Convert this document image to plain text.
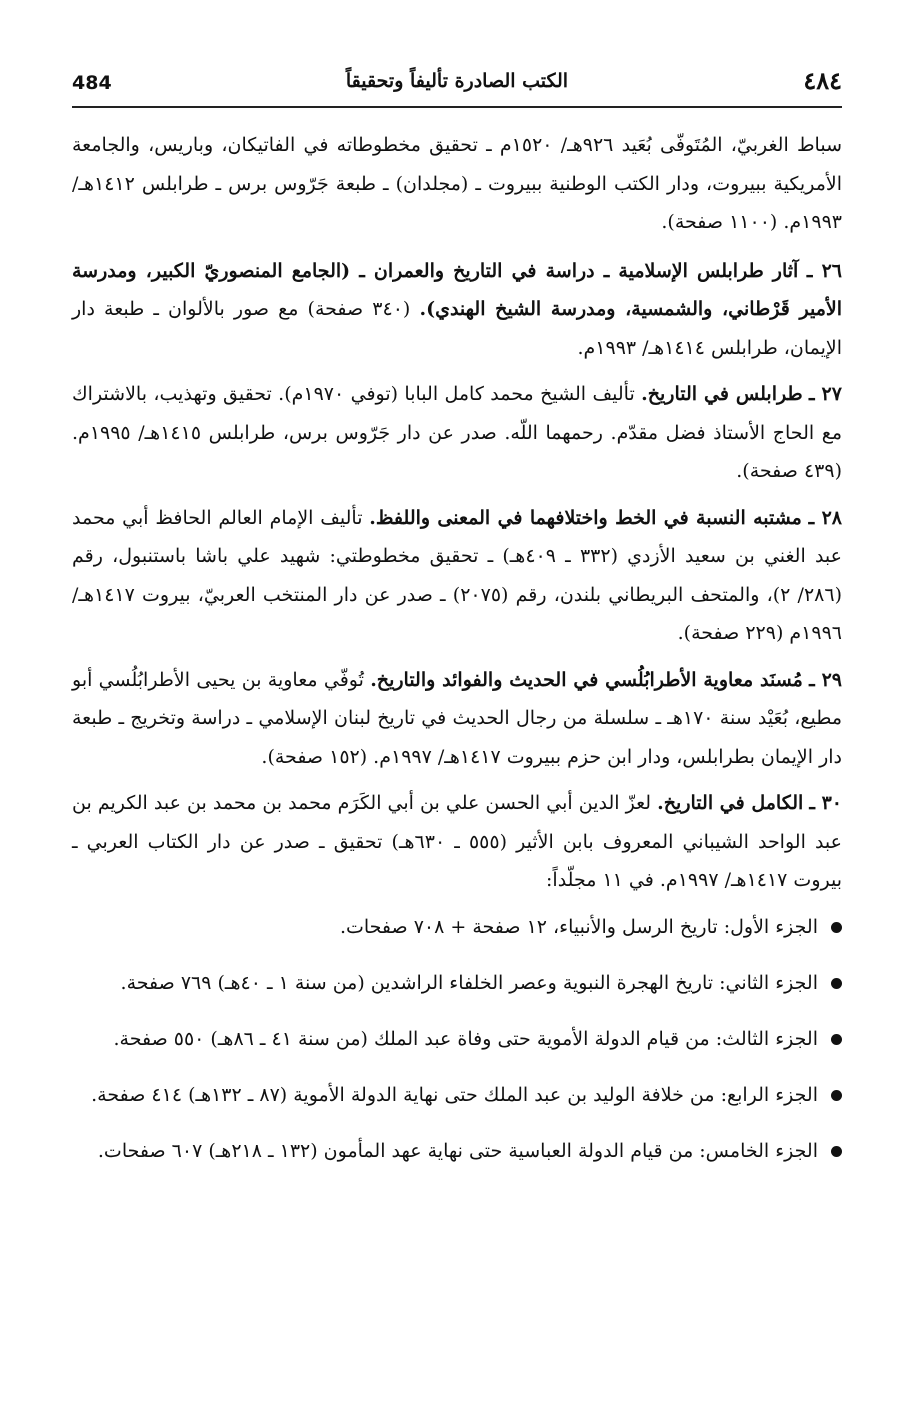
484	الكتب الصادرة تأليفاً وتحقيقاً	٤٨٤

سباط الغربيّ، المُتَوفّى بُعَيد ٩٢٦هـ/ ١٥٢٠م ـ تحقيق مخطوطاته في الفاتيكان، وباريس، والجامعة الأمريكية ببيروت، ودار الكتب الوطنية ببيروت ـ (مجلدان) ـ طبعة جَرّوس برس ـ طرابلس ١٤١٢هـ/ ١٩٩٣م. (١١٠٠ صفحة).

٢٦ ـ آثار طرابلس الإسلامية ـ دراسة في التاريخ والعمران ـ (الجامع المنصوريّ الكبير، ومدرسة الأمير قَرْطاني، والشمسية، ومدرسة الشيخ الهندي). (٣٤٠ صفحة) مع صور بالألوان ـ طبعة دار الإيمان، طرابلس ١٤١٤هـ/ ١٩٩٣م.

٢٧ ـ طرابلس في التاريخ. تأليف الشيخ محمد كامل البابا (توفي ١٩٧٠م). تحقيق وتهذيب، بالاشتراك مع الحاج الأستاذ فضل مقدّم. رحمهما اللّه. صدر عن دار جَرّوس برس، طرابلس ١٤١٥هـ/ ١٩٩٥م. (٤٣٩ صفحة).

٢٨ ـ مشتبه النسبة في الخط واختلافهما في المعنى واللفظ. تأليف الإمام العالم الحافظ أبي محمد عبد الغني بن سعيد الأزدي (٣٣٢ ـ ٤٠٩هـ) ـ تحقيق مخطوطتي: شهيد علي باشا باستنبول، رقم (٢٨٦/ ٢)، والمتحف البريطاني بلندن، رقم (٢٠٧٥) ـ صدر عن دار المنتخب العربيّ، بيروت ١٤١٧هـ/ ١٩٩٦م (٢٢٩ صفحة).

٢٩ ـ مُسنَد معاوية الأطرابُلُسي في الحديث والفوائد والتاريخ. تُوفّي معاوية بن يحيى الأطرابُلُسي أبو مطيع، بُعَيْد سنة ١٧٠هـ ـ سلسلة من رجال الحديث في تاريخ لبنان الإسلامي ـ دراسة وتخريج ـ طبعة دار الإيمان بطرابلس، ودار ابن حزم ببيروت ١٤١٧هـ/ ١٩٩٧م. (١٥٢ صفحة).

٣٠ ـ الكامل في التاريخ. لعزّ الدين أبي الحسن علي بن أبي الكَرَم محمد بن محمد بن عبد الكريم بن عبد الواحد الشيباني المعروف بابن الأثير (٥٥٥ ـ ٦٣٠هـ) تحقيق ـ صدر عن دار الكتاب العربي ـ بيروت ١٤١٧هـ/ ١٩٩٧م. في ١١ مجلّداً:

الجزء الأول: تاريخ الرسل والأنبياء، ١٢ صفحة + ٧٠٨ صفحات.
الجزء الثاني: تاريخ الهجرة النبوية وعصر الخلفاء الراشدين (من سنة ١ ـ ٤٠هـ) ٧٦٩ صفحة.
الجزء الثالث: من قيام الدولة الأموية حتى وفاة عبد الملك (من سنة ٤١ ـ ٨٦هـ) ٥٥٠ صفحة.
الجزء الرابع: من خلافة الوليد بن عبد الملك حتى نهاية الدولة الأموية (٨٧ ـ ١٣٢هـ) ٤١٤ صفحة.
الجزء الخامس: من قيام الدولة العباسية حتى نهاية عهد المأمون (١٣٢ ـ ٢١٨هـ) ٦٠٧ صفحات.
